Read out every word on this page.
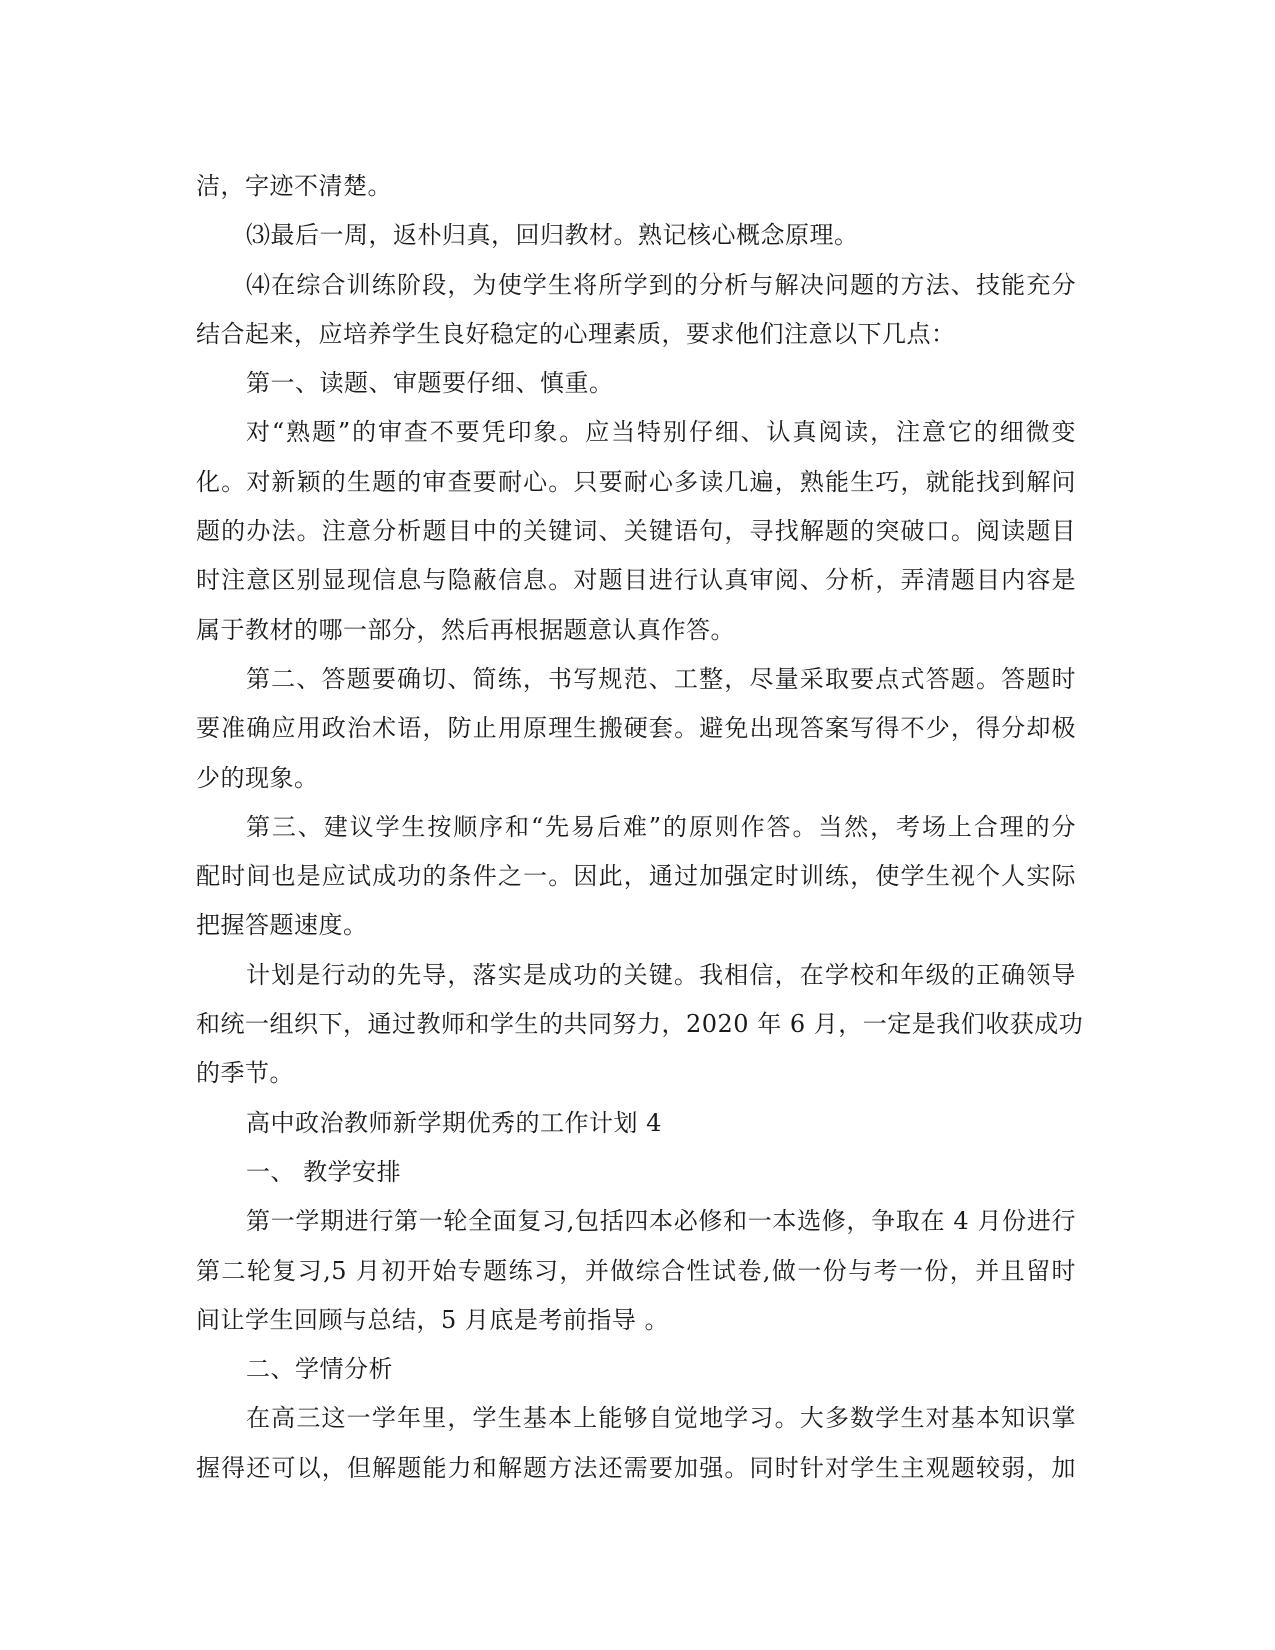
洁，字迹不清楚。
⑶最后一周，返朴归真，回归教材。熟记核心概念原理。
⑷在综合训练阶段，为使学生将所学到的分析与解决问题的方法、技能充分
结合起来，应培养学生良好稳定的心理素质，要求他们注意以下几点：
第一、读题、审题要仔细、慎重。
对“熟题”的审查不要凭印象。应当特别仔细、认真阅读，注意它的细微变
化。对新颖的生题的审查要耐心。只要耐心多读几遍，熟能生巧，就能找到解问
题的办法。注意分析题目中的关键词、关键语句，寻找解题的突破口。阅读题目
时注意区别显现信息与隐蔽信息。对题目进行认真审阅、分析，弄清题目内容是
属于教材的哪一部分，然后再根据题意认真作答。
第二、答题要确切、简练，书写规范、工整，尽量采取要点式答题。答题时
要准确应用政治术语，防止用原理生搬硬套。避免出现答案写得不少，得分却极
少的现象。
第三、建议学生按顺序和“先易后难”的原则作答。当然，考场上合理的分
配时间也是应试成功的条件之一。因此，通过加强定时训练，使学生视个人实际
把握答题速度。
计划是行动的先导，落实是成功的关键。我相信，在学校和年级的正确领导
和统一组织下，通过教师和学生的共同努力，2020 年 6 月，一定是我们收获成功
的季节。
高中政治教师新学期优秀的工作计划 4
一、 教学安排
第一学期进行第一轮全面复习,包括四本必修和一本选修，争取在 4 月份进行
第二轮复习,5 月初开始专题练习，并做综合性试卷,做一份与考一份，并且留时
间让学生回顾与总结，5 月底是考前指导 。
二、学情分析
在高三这一学年里，学生基本上能够自觉地学习。大多数学生对基本知识掌
握得还可以，但解题能力和解题方法还需要加强。同时针对学生主观题较弱，加
